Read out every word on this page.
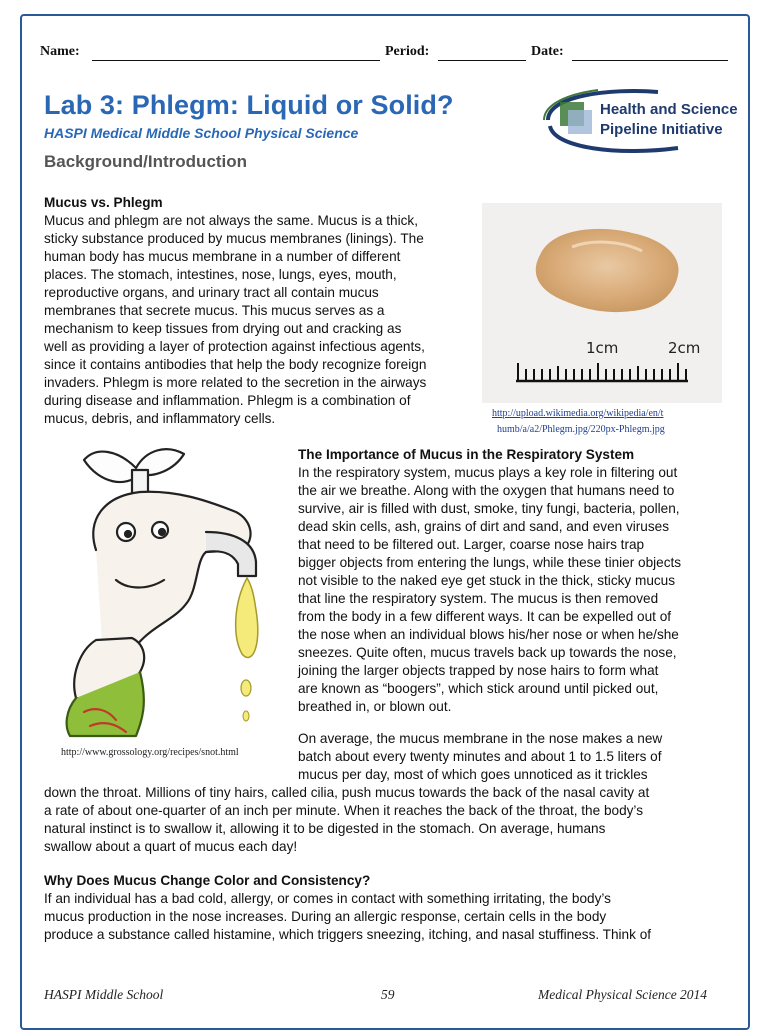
Name:	Period:	Date:
Lab 3: Phlegm: Liquid or Solid?
HASPI Medical Middle School Physical Science
Background/Introduction
Health and Science
Pipeline Initiative
Mucus vs. Phlegm
Mucus and phlegm are not always the same. Mucus is a thick,
sticky substance produced by mucus membranes (linings). The
human body has mucus membrane in a number of different
places. The stomach, intestines, nose, lungs, eyes, mouth,
reproductive organs, and urinary tract all contain mucus
membranes that secrete mucus. This mucus serves as a
mechanism to keep tissues from drying out and cracking as
well as providing a layer of protection against infectious agents,
since it contains antibodies that help the body recognize foreign
invaders. Phlegm is more related to the secretion in the airways
during disease and inflammation. Phlegm is a combination of
mucus, debris, and inflammatory cells.
1cm	2cm
http://upload.wikimedia.org/wikipedia/en/t
humb/a/a2/Phlegm.jpg/220px-Phlegm.jpg
http://www.grossology.org/recipes/snot.html
The Importance of Mucus in the Respiratory System
In the respiratory system, mucus plays a key role in filtering out
the air we breathe. Along with the oxygen that humans need to
survive, air is filled with dust, smoke, tiny fungi, bacteria, pollen,
dead skin cells, ash, grains of dirt and sand, and even viruses
that need to be filtered out. Larger, coarse nose hairs trap
bigger objects from entering the lungs, while these tinier objects
not visible to the naked eye get stuck in the thick, sticky mucus
that line the respiratory system. The mucus is then removed
from the body in a few different ways. It can be expelled out of
the nose when an individual blows his/her nose or when he/she
sneezes. Quite often, mucus travels back up towards the nose,
joining the larger objects trapped by nose hairs to form what
are known as “boogers”, which stick around until picked out,
breathed in, or blown out.
On average, the mucus membrane in the nose makes a new
batch about every twenty minutes and about 1 to 1.5 liters of
mucus per day, most of which goes unnoticed as it trickles
down the throat. Millions of tiny hairs, called cilia, push mucus towards the back of the nasal cavity at
a rate of about one-quarter of an inch per minute. When it reaches the back of the throat, the body’s
natural instinct is to swallow it, allowing it to be digested in the stomach. On average, humans
swallow about a quart of mucus each day!
Why Does Mucus Change Color and Consistency?
If an individual has a bad cold, allergy, or comes in contact with something irritating, the body’s
mucus production in the nose increases. During an allergic response, certain cells in the body
produce a substance called histamine, which triggers sneezing, itching, and nasal stuffiness. Think of
HASPI Middle School	59	Medical Physical Science 2014
